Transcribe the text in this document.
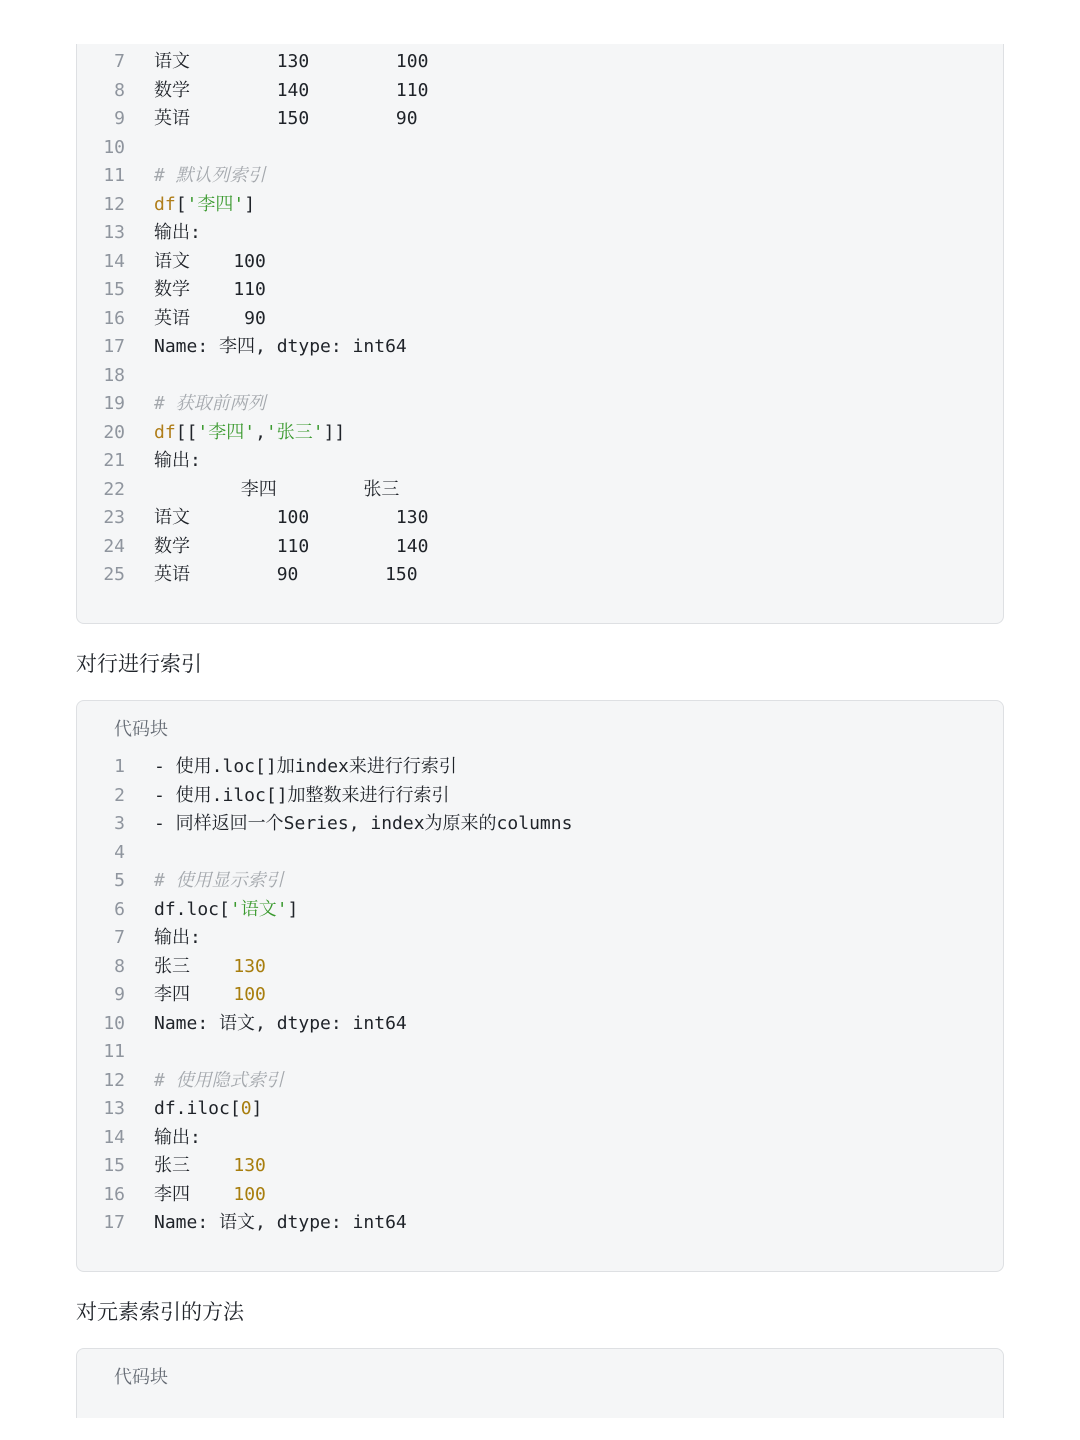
7 语文        130        100
8 数学        140        110
9 英语        150        90
10
11 # 默认列索引
12 df['李四']
13 输出:
14 语文    100
15 数学    110
16 英语     90
17 Name: 李四, dtype: int64
18
19 # 获取前两列
20 df[['李四','张三']]
21 输出:
22 李四        张三
23 语文        100        130
24 数学        110        140
25 英语        90        150
对行进行索引
代码块
1 - 使用.loc[]加index来进行行索引
2 - 使用.iloc[]加整数来进行行索引
3 - 同样返回一个Series, index为原来的columns
4
5 # 使用显示索引
6 df.loc['语文']
7 输出:
8 张三    130
9 李四    100
10 Name: 语文, dtype: int64
11
12 # 使用隐式索引
13 df.iloc[0]
14 输出:
15 张三    130
16 李四    100
17 Name: 语文, dtype: int64
对元素索引的方法
代码块
